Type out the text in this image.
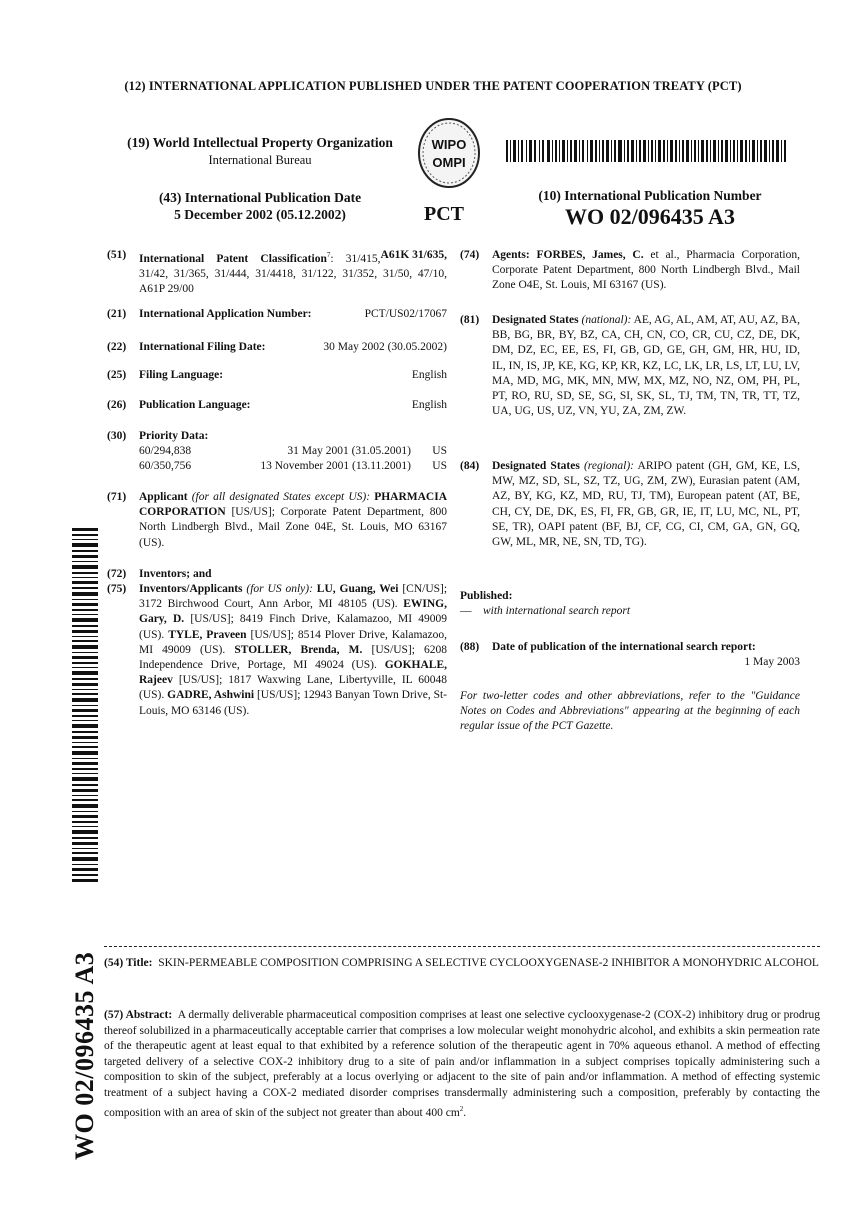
(12) INTERNATIONAL APPLICATION PUBLISHED UNDER THE PATENT COOPERATION TREATY (PCT)
(19) World Intellectual Property Organization
International Bureau
WIPO
OMPI
(43) International Publication Date
5 December 2002 (05.12.2002)	PCT
(10) International Publication Number
WO 02/096435 A3
(51) International Patent Classification$^7$:	A61K 31/635,
31/415, 31/42, 31/365, 31/444, 31/4418, 31/122, 31/352, 31/50, 47/10, A61P 29/00
(21) International Application Number:	PCT/US02/17067
(22) International Filing Date:	30 May 2002 (30.05.2002)
(25) Filing Language:	English
(26) Publication Language:	English
(30) Priority Data:
60/294,838	31 May 2001 (31.05.2001)	US
60/350,756	13 November 2001 (13.11.2001)	US
(71) Applicant (for all designated States except US): PHARMACIA CORPORATION [US/US]; Corporate Patent Department, 800 North Lindbergh Blvd., Mail Zone 04E, St. Louis, MO 63167 (US).
(72) Inventors; and
(75) Inventors/Applicants (for US only): LU, Guang, Wei [CN/US]; 3172 Birchwood Court, Ann Arbor, MI 48105 (US). EWING, Gary, D. [US/US]; 8419 Finch Drive, Kalamazoo, MI 49009 (US). TYLE, Praveen [US/US]; 8514 Plover Drive, Kalamazoo, MI 49009 (US). STOLLER, Brenda, M. [US/US]; 6208 Independence Drive, Portage, MI 49024 (US). GOKHALE, Rajeev [US/US]; 1817 Waxwing Lane, Libertyville, IL 60048 (US). GADRE, Ashwini [US/US]; 12943 Banyan Town Drive, St-Louis, MO 63146 (US).
(74) Agents: FORBES, James, C. et al., Pharmacia Corporation, Corporate Patent Department, 800 North Lindbergh Blvd., Mail Zone O4E, St. Louis, MI 63167 (US).
(81) Designated States (national): AE, AG, AL, AM, AT, AU, AZ, BA, BB, BG, BR, BY, BZ, CA, CH, CN, CO, CR, CU, CZ, DE, DK, DM, DZ, EC, EE, ES, FI, GB, GD, GE, GH, GM, HR, HU, ID, IL, IN, IS, JP, KE, KG, KP, KR, KZ, LC, LK, LR, LS, LT, LU, LV, MA, MD, MG, MK, MN, MW, MX, MZ, NO, NZ, OM, PH, PL, PT, RO, RU, SD, SE, SG, SI, SK, SL, TJ, TM, TN, TR, TT, TZ, UA, UG, US, UZ, VN, YU, ZA, ZM, ZW.
(84) Designated States (regional): ARIPO patent (GH, GM, KE, LS, MW, MZ, SD, SL, SZ, TZ, UG, ZM, ZW), Eurasian patent (AM, AZ, BY, KG, KZ, MD, RU, TJ, TM), European patent (AT, BE, CH, CY, DE, DK, ES, FI, FR, GB, GR, IE, IT, LU, MC, NL, PT, SE, TR), OAPI patent (BF, BJ, CF, CG, CI, CM, GA, GN, GQ, GW, ML, MR, NE, SN, TD, TG).
Published:
— with international search report
(88) Date of publication of the international search report:
1 May 2003
For two-letter codes and other abbreviations, refer to the "Guidance Notes on Codes and Abbreviations" appearing at the beginning of each regular issue of the PCT Gazette.
WO 02/096435 A3 (54) Title: SKIN-PERMEABLE COMPOSITION COMPRISING A SELECTIVE CYCLOOXYGENASE-2 INHIBITOR A MONOHYDRIC ALCOHOL
(57) Abstract: A dermally deliverable pharmaceutical composition comprises at least one selective cyclooxygenase-2 (COX-2) inhibitory drug or prodrug thereof solubilized in a pharmaceutically acceptable carrier that comprises a low molecular weight monohydric alcohol, and exhibits a skin permeation rate of the therapeutic agent at least equal to that exhibited by a reference solution of the therapeutic agent in 70% aqueous ethanol. A method of effecting targeted delivery of a selective COX-2 inhibitory drug to a site of pain and/or inflammation in a subject comprises topically administering such a composition to skin of the subject, preferably at a locus overlying or adjacent to the site of pain and/or inflammation. A method of effecting systemic treatment of a subject having a COX-2 mediated disorder comprises transdermally administering such a composition, preferably by contacting the composition with an area of skin of the subject not greater than about 400 $cm^2$.
